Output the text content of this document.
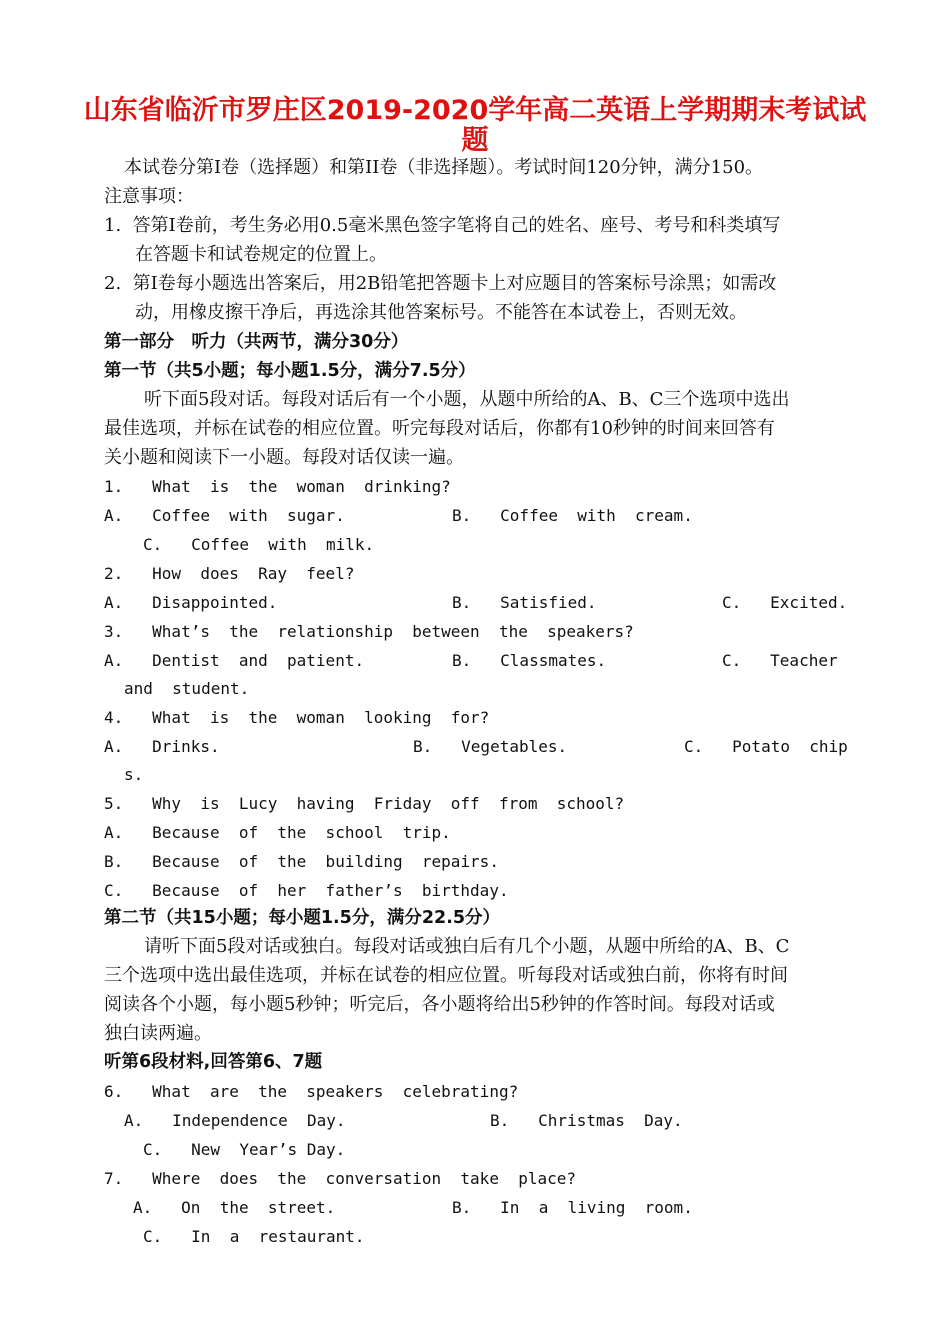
山东省临沂市罗庄区2019-2020学年高二英语上学期期末考试试
题
本试卷分第Ⅰ卷（选择题）和第II卷（非选择题）。考试时间120分钟，满分150。
注意事项：
1.  答第Ⅰ卷前，考生务必用0.5毫米黑色签字笔将自己的姓名、座号、考号和科类填写
在答题卡和试卷规定的位置上。
2.  第Ⅰ卷每小题选出答案后，用2B铅笔把答题卡上对应题目的答案标号涂黑；如需改
动，用橡皮擦干净后，再选涂其他答案标号。不能答在本试卷上，否则无效。
第一部分　听力（共两节，满分30分）
第一节（共5小题；每小题1.5分，满分7.5分）
听下面5段对话。每段对话后有一个小题，从题中所给的A、B、C三个选项中选出
最佳选项，并标在试卷的相应位置。听完每段对话后，你都有10秒钟的时间来回答有
关小题和阅读下一小题。每段对话仅读一遍。
1.   What  is  the  woman  drinking?
A.   Coffee  with  sugar.	B.   Coffee  with  cream.
C.   Coffee  with  milk.
2.   How  does  Ray  feel?
A.   Disappointed.	B.   Satisfied.	C.   Excited.
3.   What’s  the  relationship  between  the  speakers?
A.   Dentist  and  patient.	B.   Classmates.	C.   Teacher
and  student.
4.   What  is  the  woman  looking  for?
A.   Drinks.	B.   Vegetables.	C.   Potato  chip
s.
5.   Why  is  Lucy  having  Friday  off  from  school?
A.   Because  of  the  school  trip.
B.   Because  of  the  building  repairs.
C.   Because  of  her  father’s  birthday.
第二节（共15小题；每小题1.5分，满分22.5分）
请听下面5段对话或独白。每段对话或独白后有几个小题，从题中所给的A、B、C
三个选项中选出最佳选项，并标在试卷的相应位置。听每段对话或独白前，你将有时间
阅读各个小题，每小题5秒钟；听完后，各小题将给出5秒钟的作答时间。每段对话或
独白读两遍。
听第6段材料,回答第6、7题
6.   What  are  the  speakers  celebrating?
A.   Independence  Day.	B.   Christmas  Day.
C.   New  Year’s Day.
7.   Where  does  the  conversation  take  place?
A.   On  the  street.	B.   In  a  living  room.
C.   In  a  restaurant.
